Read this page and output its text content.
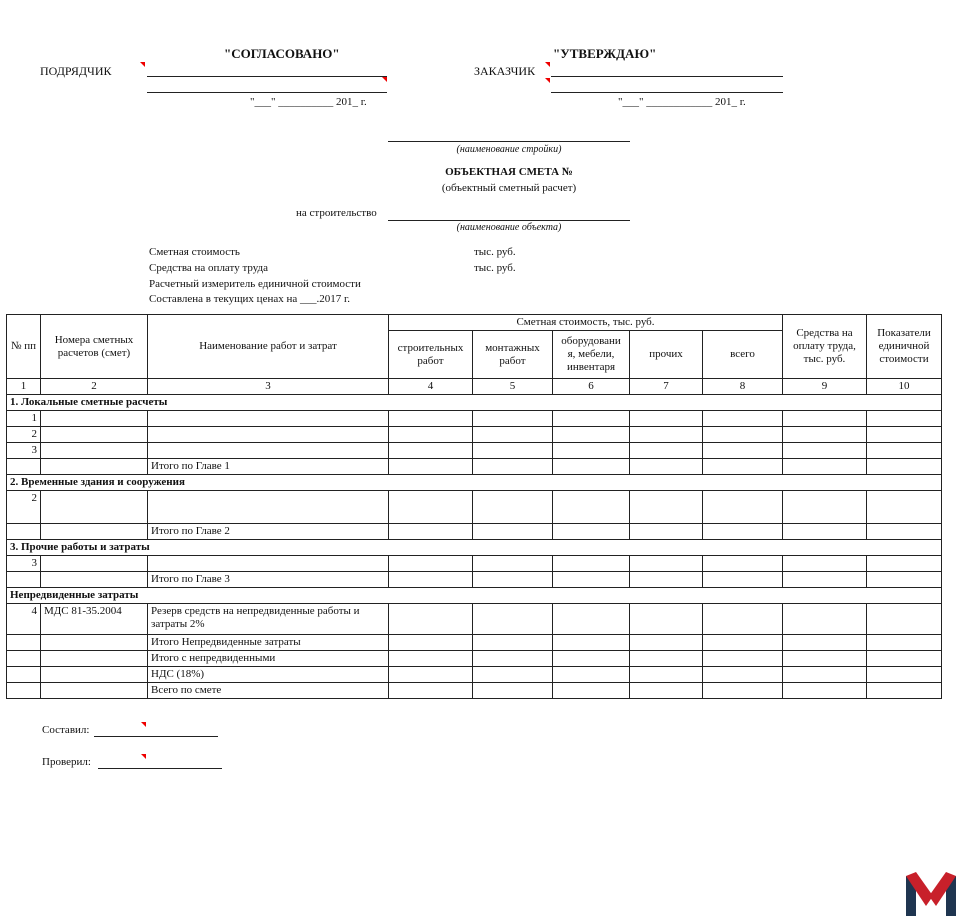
ПОДРЯДЧИК
"СОГЛАСОВАНО"
"___" __________ 201_ г.
ЗАКАЗЧИК
"УТВЕРЖДАЮ"
"___" ____________ 201_ г.
(наименование стройки)
ОБЪЕКТНАЯ СМЕТА №
(объектный сметный расчет)
на строительство
(наименование объекта)
Сметная стоимость	тыс. руб.
Средства на оплату труда	тыс. руб.
Расчетный измеритель единичной стоимости
Составлена в текущих ценах на ___.2017 г.
№ пп	Номера сметных расчетов (смет)	Наименование работ и затрат	Сметная стоимость, тыс. руб.					Средства на оплату труда, тыс. руб.	Показатели единичной стоимости
			строительных работ	монтажных работ	оборудовани я, мебели, инвентаря	прочих	всего		
1	2	3	4	5	6	7	8	9	10
1. Локальные сметные расчеты									
1									
2									
3									
		Итого по Главе 1							
2. Временные здания и сооружения									
2									
		Итого по Главе 2							
3. Прочие работы и затраты									
3									
		Итого по Главе 3							
Непредвиденные затраты									
4	МДС 81-35.2004	Резерв средств на непредвиденные работы и затраты 2%							
		Итого Непредвиденные затраты							
		Итого с непредвиденными							
		НДС (18%)							
		Всего по смете							
Составил:
Проверил:
